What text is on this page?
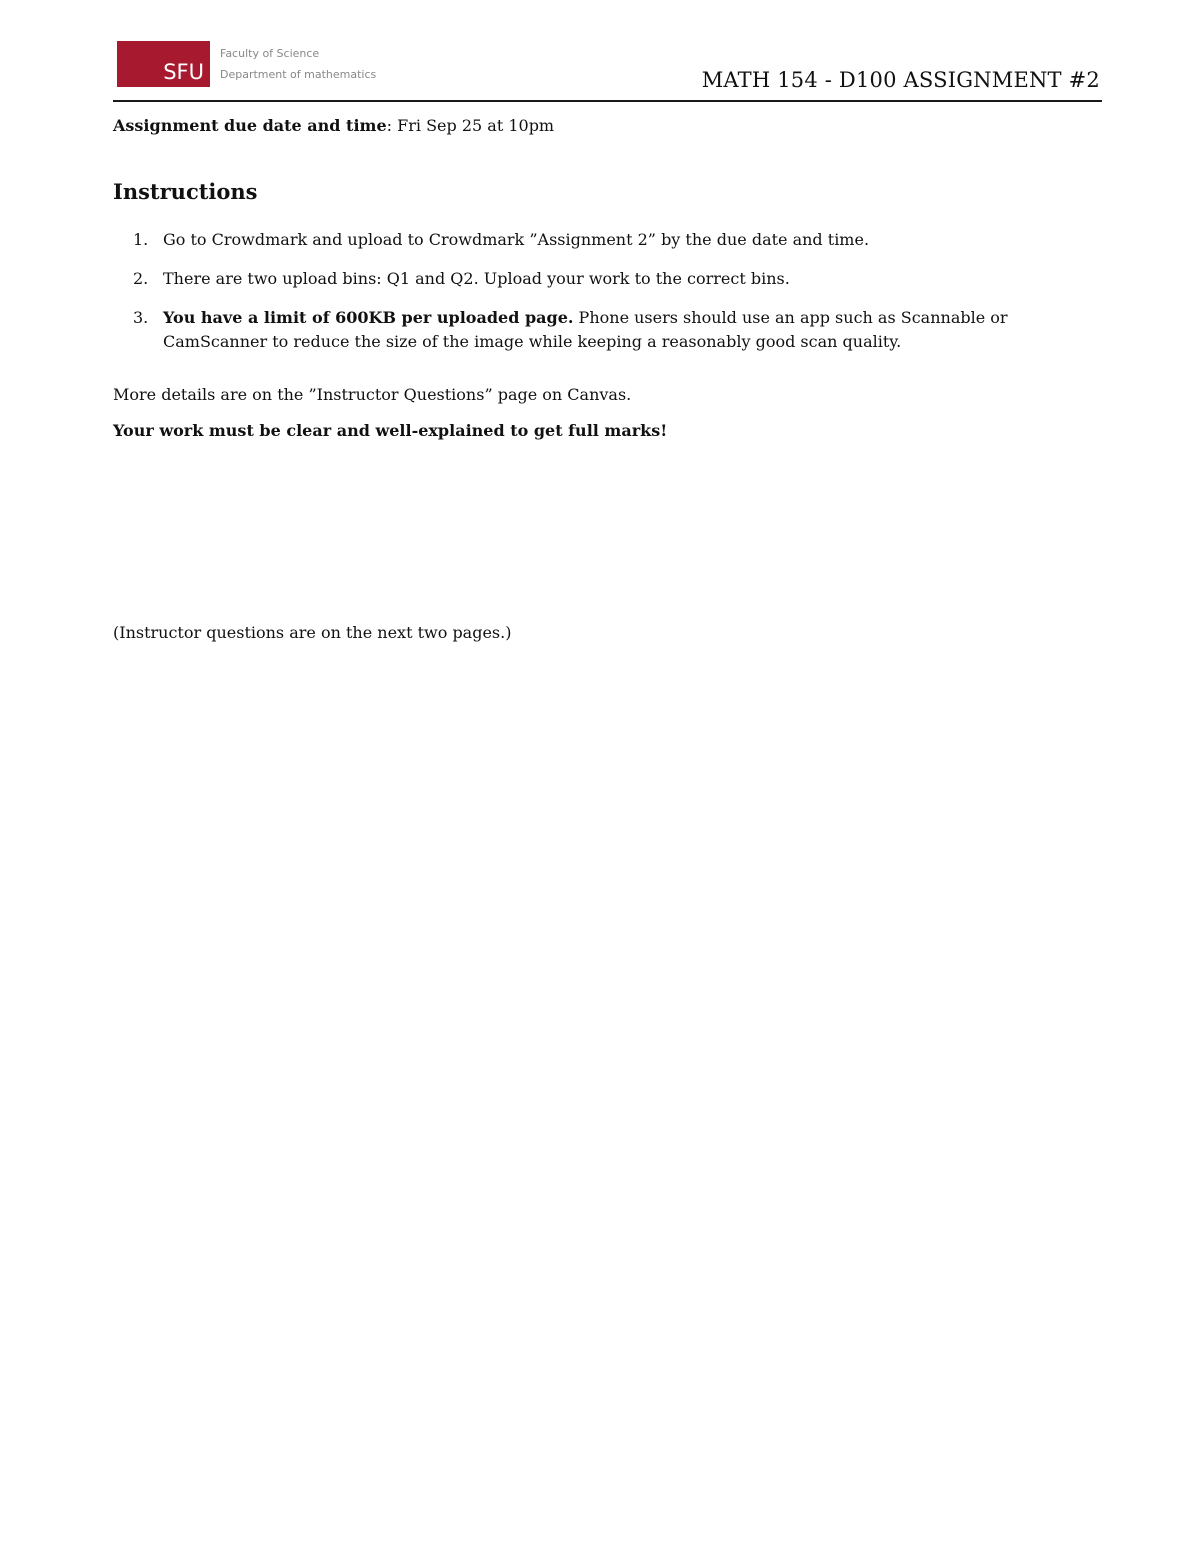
SFU
Faculty of Science
Department of mathematics	MATH 154 - D100 ASSIGNMENT #2
Assignment due date and time: Fri Sep 25 at 10pm
Instructions
1. Go to Crowdmark and upload to Crowdmark ”Assignment 2” by the due date and time.
2. There are two upload bins: Q1 and Q2. Upload your work to the correct bins.
3. You have a limit of 600KB per uploaded page. Phone users should use an app such as Scannable or CamScanner to reduce the size of the image while keeping a reasonably good scan quality.
More details are on the ”Instructor Questions” page on Canvas.
Your work must be clear and well-explained to get full marks!
(Instructor questions are on the next two pages.)
